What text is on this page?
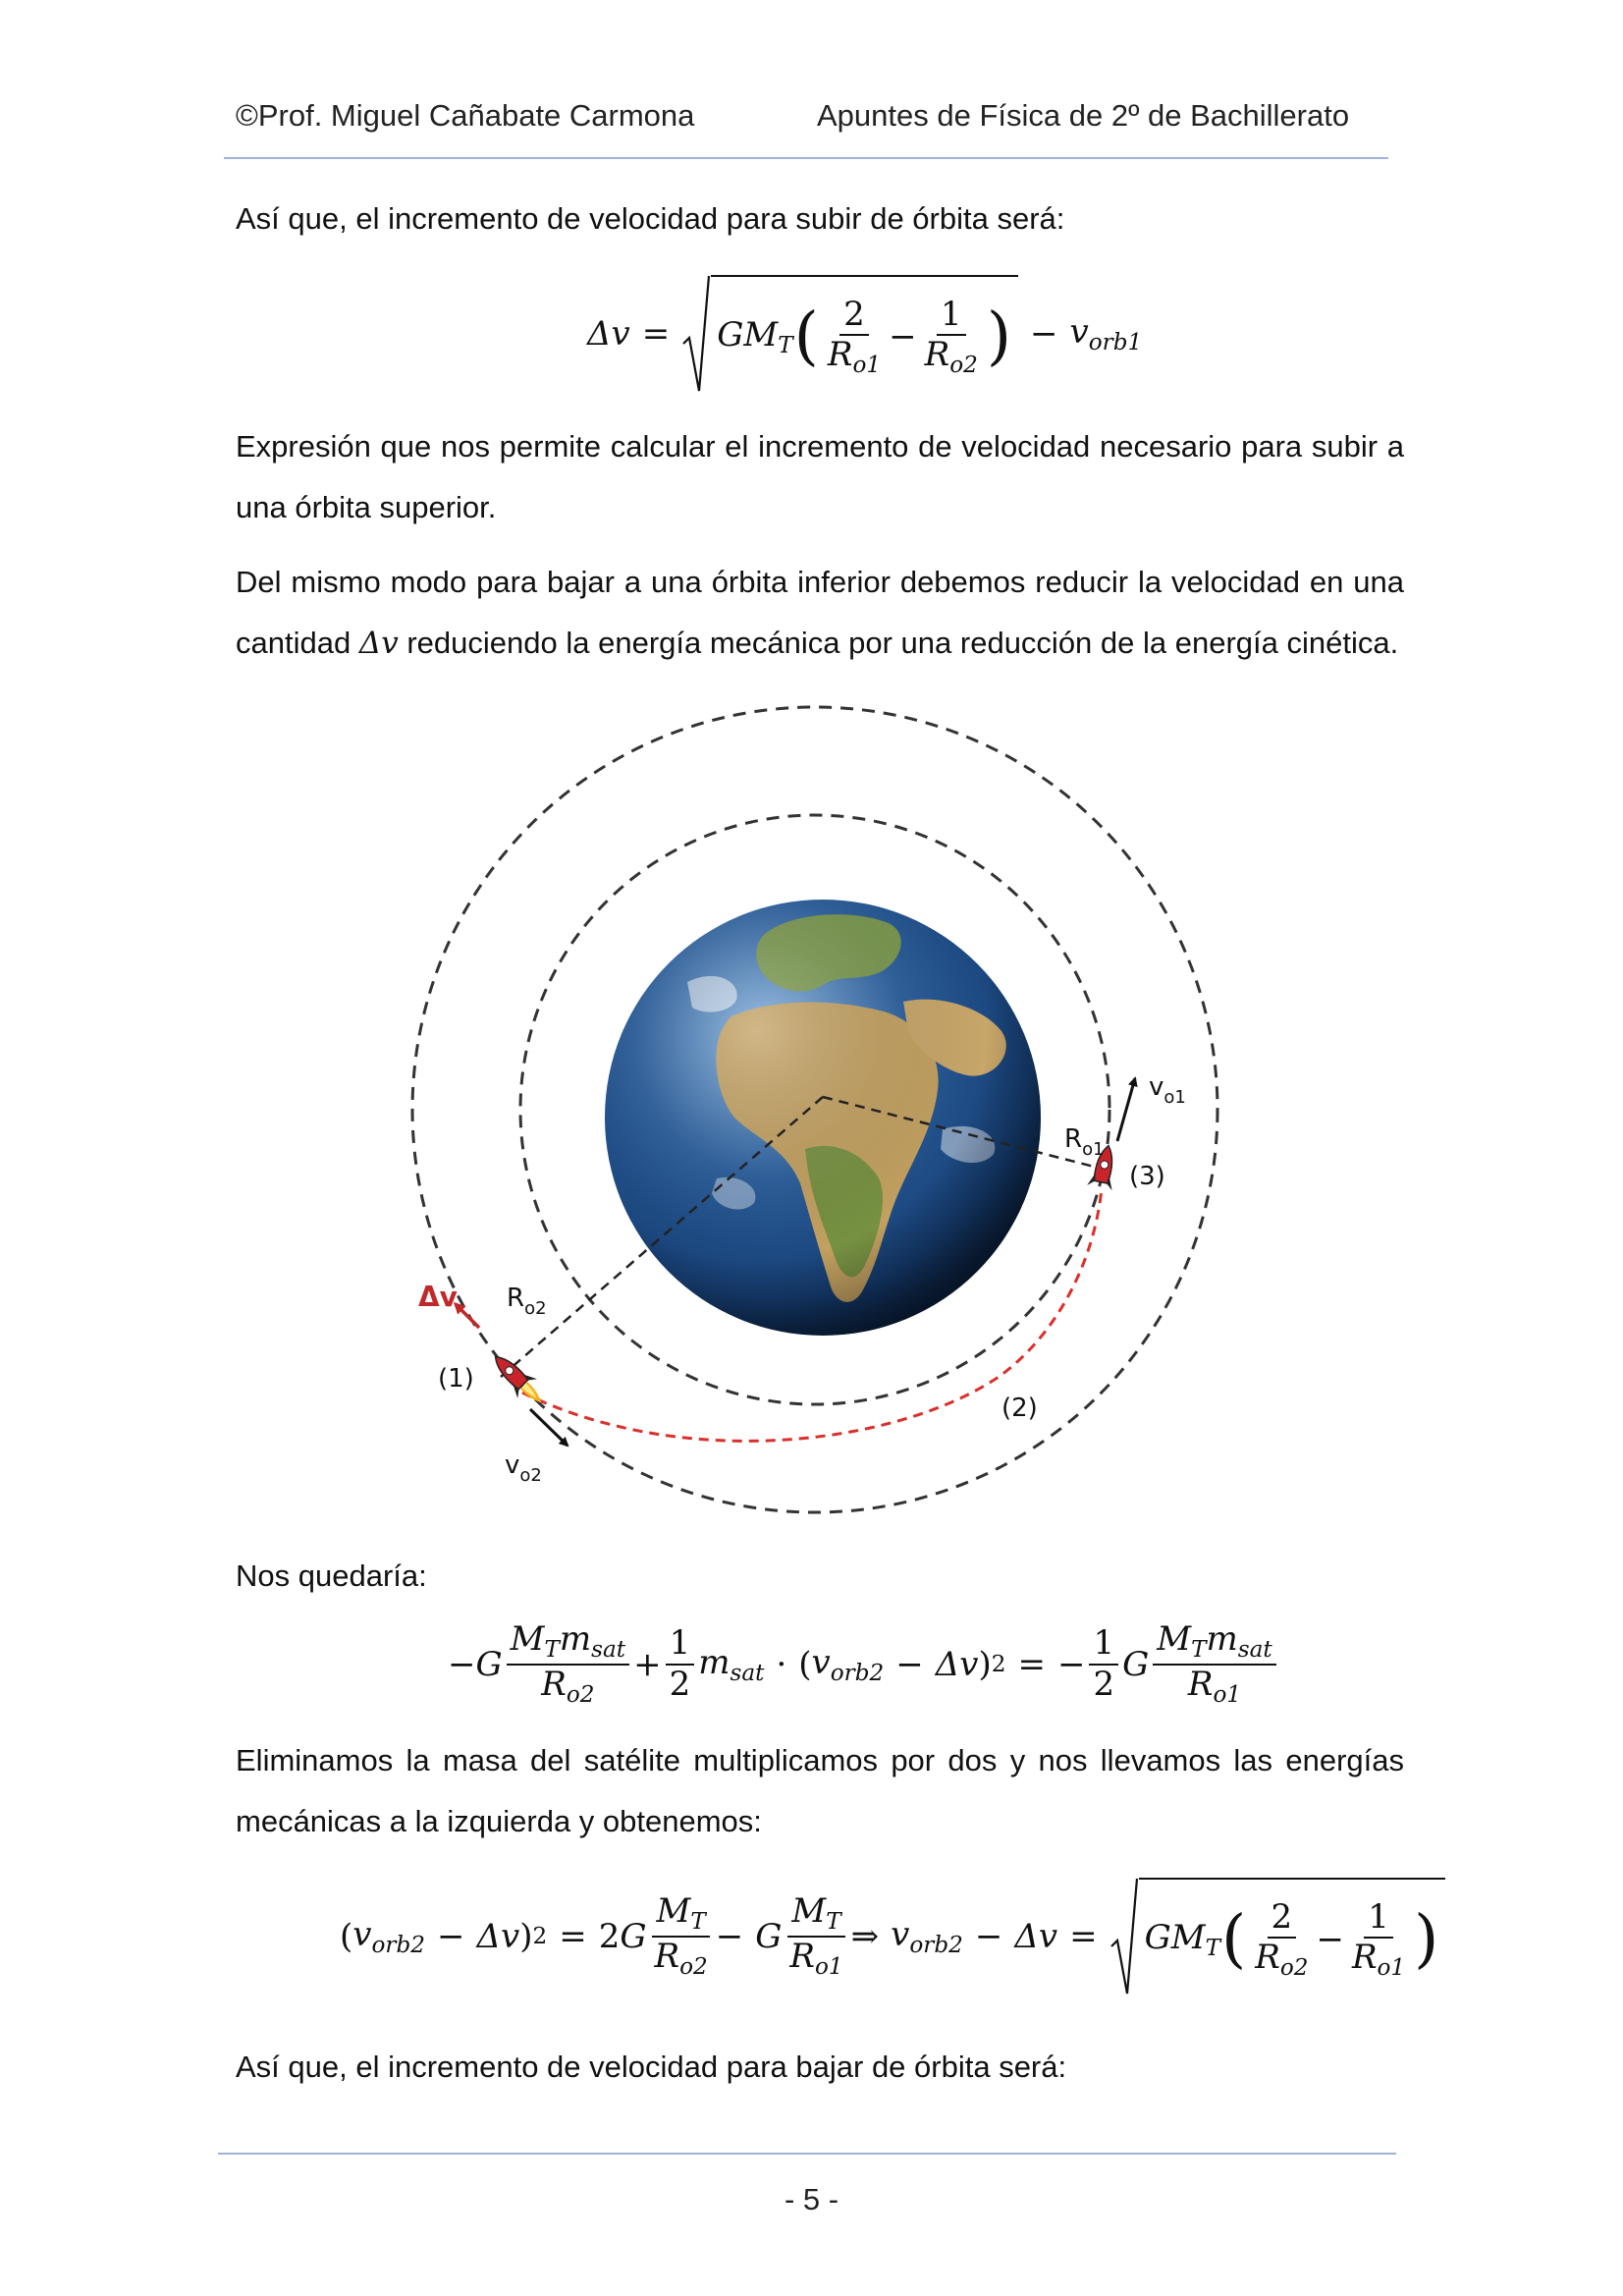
©Prof. Miguel Cañabate Carmona	Apuntes de Física de 2º de Bachillerato
Así que, el incremento de velocidad para subir de órbita será:
$\Delta v = GM_T$ ( $\frac{2}{R_{o1}} - \frac{1}{R_{o2}}$ ) − $v_{orb1}$
Expresión que nos permite calcular el incremento de velocidad necesario para subir a una órbita superior.
Del mismo modo para bajar a una órbita inferior debemos reducir la velocidad en una cantidad Δ𝑣 reduciendo la energía mecánica por una reducción de la energía cinética.
$v_{o1}$
$R_{o1}$
(3)
Δv $R_{o2}$
(1)
(2)
$v_{o2}$
Nos quedaría:
− G $\frac{M_Tm_{sat}}{R_{o2}} + \frac{1}{2} m_{sat}$ · ( $v_{orb2} - \Delta v$ ) 2 = − $\frac{1}{2}$ G $\frac{M_Tm_{sat}}{R_{o1}}$
Eliminamos la masa del satélite multiplicamos por dos y nos llevamos las energías mecánicas a la izquierda y obtenemos:
( $v_{orb2} - \Delta v$ ) 2 = 2 G $\frac{M_T}{R_{o2}} - G \frac{M_T}{R_{o1}}$ ⇒ $v_{orb2} - \Delta v = GM_T$ ( $\frac{2}{R_{o2}} - \frac{1}{R_{o1}}$ )
Así que, el incremento de velocidad para bajar de órbita será:
- 5 -
